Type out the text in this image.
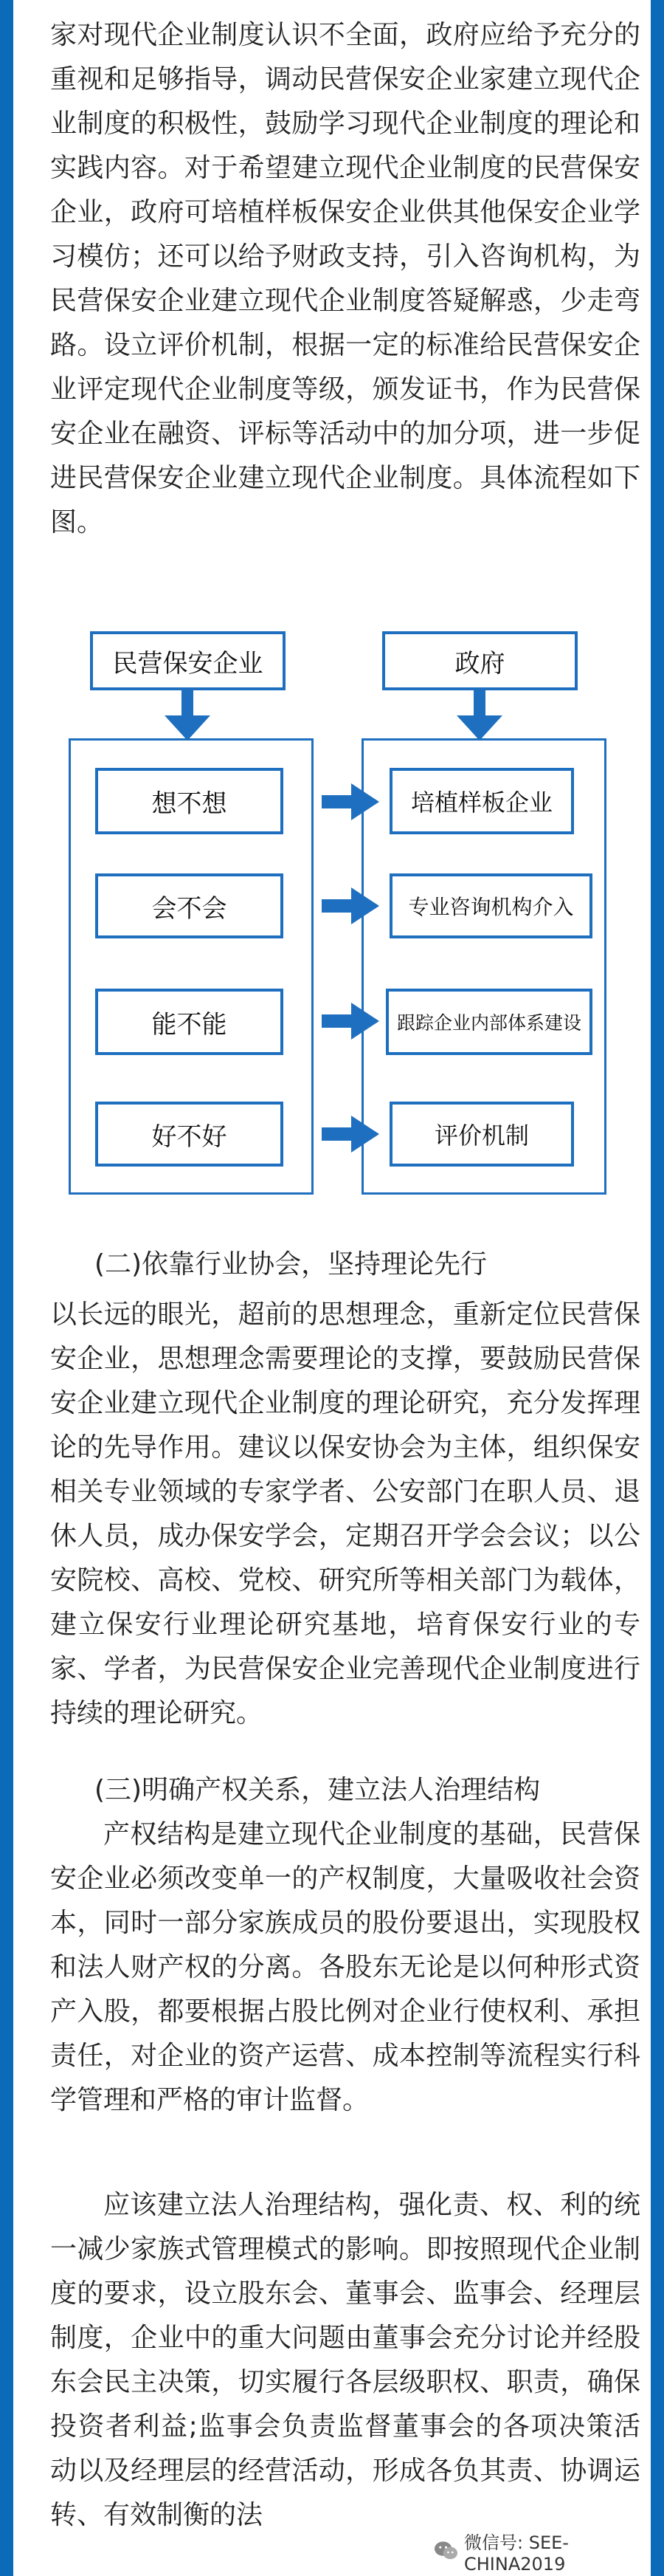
家对现代企业制度认识不全面，政府应给予充分的重视和足够指导，调动民营保安企业家建立现代企业制度的积极性，鼓励学习现代企业制度的理论和实践内容。对于希望建立现代企业制度的民营保安企业，政府可培植样板保安企业供其他保安企业学习模仿；还可以给予财政支持，引入咨询机构，为民营保安企业建立现代企业制度答疑解惑，少走弯路。设立评价机制，根据一定的标准给民营保安企业评定现代企业制度等级，颁发证书，作为民营保安企业在融资、评标等活动中的加分项，进一步促进民营保安企业建立现代企业制度。具体流程如下图。

民营保安企业	政府
想不想	培植样板企业
会不会	专业咨询机构介入
能不能	跟踪企业内部体系建设
好不好	评价机制

(二)依靠行业协会，坚持理论先行

以长远的眼光，超前的思想理念，重新定位民营保安企业，思想理念需要理论的支撑，要鼓励民营保安企业建立现代企业制度的理论研究，充分发挥理论的先导作用。建议以保安协会为主体，组织保安相关专业领域的专家学者、公安部门在职人员、退休人员，成办保安学会，定期召开学会会议；以公安院校、高校、党校、研究所等相关部门为载体，建立保安行业理论研究基地，培育保安行业的专家、学者，为民营保安企业完善现代企业制度进行持续的理论研究。

(三)明确产权关系，建立法人治理结构

产权结构是建立现代企业制度的基础，民营保安企业必须改变单一的产权制度，大量吸收社会资本，同时一部分家族成员的股份要退出，实现股权和法人财产权的分离。各股东无论是以何种形式资产入股，都要根据占股比例对企业行使权利、承担责任，对企业的资产运营、成本控制等流程实行科学管理和严格的审计监督。

应该建立法人治理结构，强化责、权、利的统一减少家族式管理模式的影响。即按照现代企业制度的要求，设立股东会、董事会、监事会、经理层制度，企业中的重大问题由董事会充分讨论并经股东会民主决策，切实履行各层级职权、职责，确保投资者利益;监事会负责监督董事会的各项决策活动以及经理层的经营活动，形成各负其责、协调运转、有效制衡的法

微信号: SEE-CHINA2019
